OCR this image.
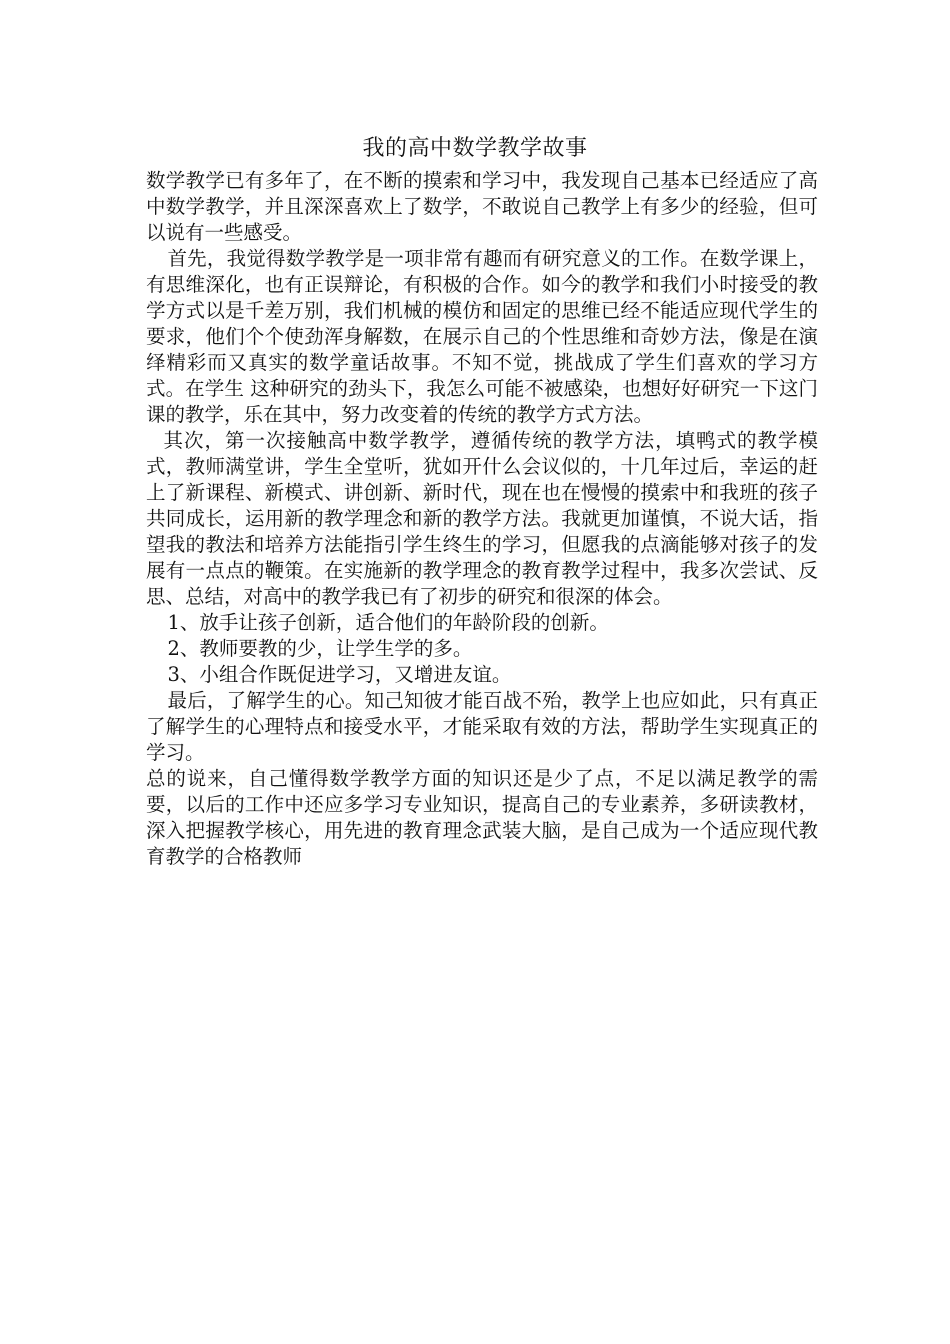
我的高中数学教学故事

数学教学已有多年了，在不断的摸索和学习中，我发现自己基本已经适应了高中数学教学，并且深深喜欢上了数学，不敢说自己教学上有多少的经验，但可以说有一些感受。

首先，我觉得数学教学是一项非常有趣而有研究意义的工作。在数学课上，有思维深化，也有正误辩论，有积极的合作。如今的教学和我们小时接受的教学方式以是千差万别，我们机械的模仿和固定的思维已经不能适应现代学生的要求，他们个个使劲浑身解数，在展示自己的个性思维和奇妙方法，像是在演绎精彩而又真实的数学童话故事。不知不觉，挑战成了学生们喜欢的学习方式。在学生 这种研究的劲头下，我怎么可能不被感染，也想好好研究一下这门课的教学，乐在其中，努力改变着的传统的教学方式方法。

其次，第一次接触高中数学教学，遵循传统的教学方法，填鸭式的教学模式，教师满堂讲，学生全堂听，犹如开什么会议似的，十几年过后，幸运的赶上了新课程、新模式、讲创新、新时代，现在也在慢慢的摸索中和我班的孩子共同成长，运用新的教学理念和新的教学方法。我就更加谨慎，不说大话，指望我的教法和培养方法能指引学生终生的学习，但愿我的点滴能够对孩子的发展有一点点的鞭策。在实施新的教学理念的教育教学过程中，我多次尝试、反思、总结，对高中的教学我已有了初步的研究和很深的体会。

1、放手让孩子创新，适合他们的年龄阶段的创新。

2、教师要教的少，让学生学的多。

3、小组合作既促进学习，又增进友谊。

最后，了解学生的心。知己知彼才能百战不殆，教学上也应如此，只有真正了解学生的心理特点和接受水平，才能采取有效的方法，帮助学生实现真正的学习。

总的说来，自己懂得数学教学方面的知识还是少了点，不足以满足教学的需要，以后的工作中还应多学习专业知识，提高自己的专业素养，多研读教材，深入把握教学核心，用先进的教育理念武装大脑，是自己成为一个适应现代教育教学的合格教师
